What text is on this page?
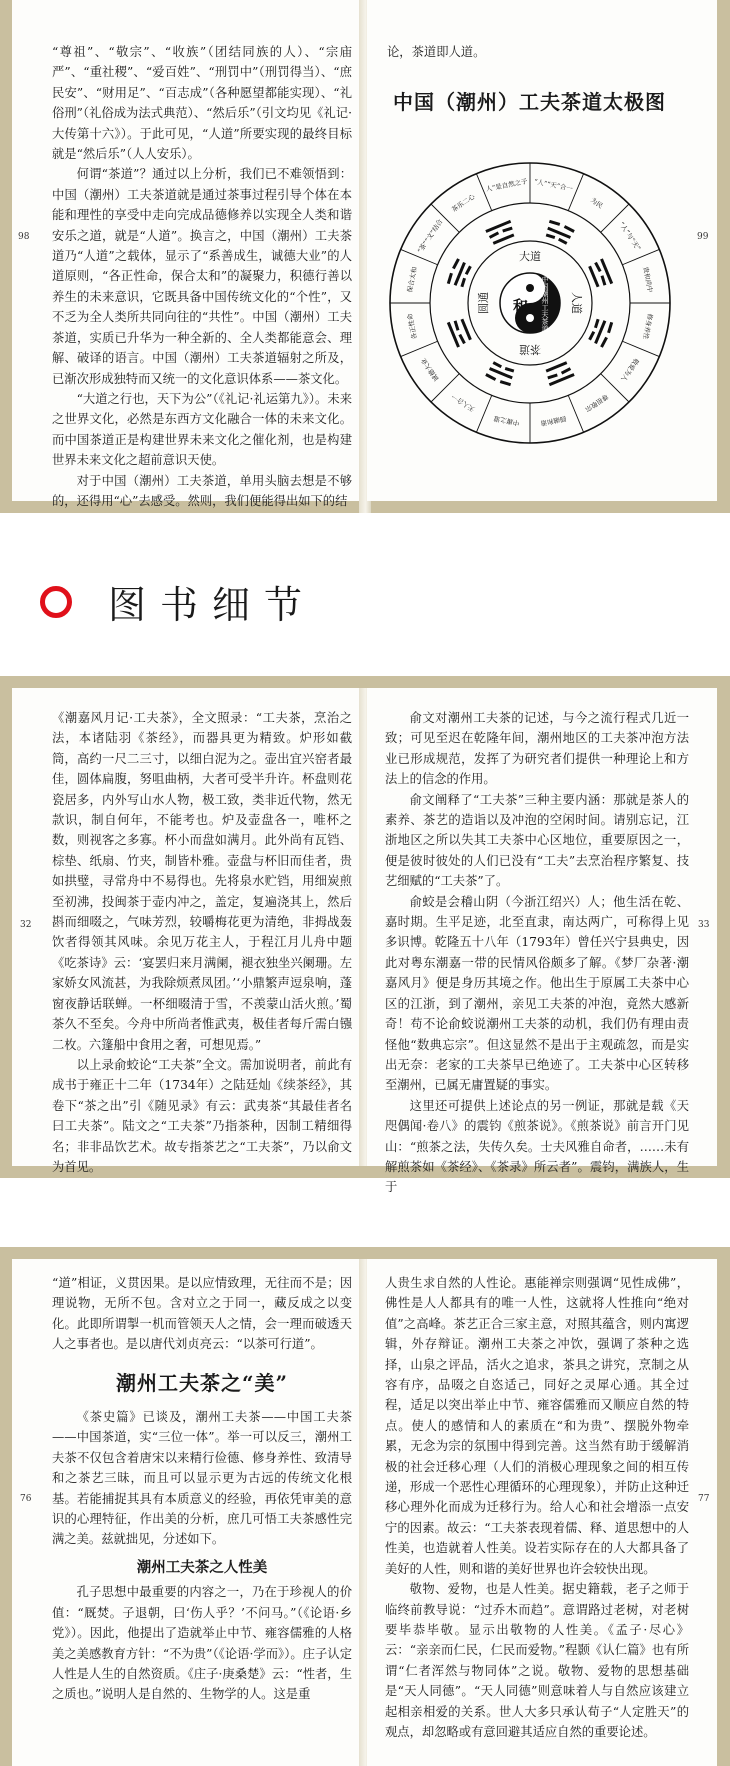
“尊祖”、“敬宗”、“收族”（团结同族的人）、“宗庙严”、“重社稷”、“爱百姓”、“刑罚中”（刑罚得当）、“庶民安”、“财用足”、“百志成”（各种愿望都能实现）、“礼俗刑”（礼俗成为法式典范）、“然后乐”（引文均见《礼记·大传第十六》）。于此可见，“人道”所要实现的最终目标就是“然后乐”（人人安乐）。

何谓“茶道”？通过以上分析，我们已不难领悟到：中国（潮州）工夫茶道就是通过茶事过程引导个体在本能和理性的享受中走向完成品德修养以实现全人类和谐安乐之道，就是“人道”。换言之，中国（潮州）工夫茶道乃“人道”之载体，显示了“系善成生，诚德大业”的人道原则，“各正性命，保合太和”的凝聚力，积德行善以养生的未来意识，它既具备中国传统文化的“个性”，又不乏为全人类所共同向往的“共性”。中国（潮州）工夫茶道，实质已升华为一种全新的、全人类都能意会、理解、破译的语言。中国（潮州）工夫茶道辐射之所及，已渐次形成独特而又统一的文化意识体系——茶文化。

“大道之行也，天下为公”（《礼记·礼运第九》）。未来之世界文化，必然是东西方文化融合一体的未来文化。而中国茶道正是构建世界未来文化之催化剂，也是构建世界未来文化之超前意识天使。

对于中国（潮州）工夫茶道，单用头脑去想是不够的，还得用“心”去感受。然则，我们便能得出如下的结

98

论，茶道即人道。

中国（潮州）工夫茶道太极图
修身养性
敬爱为人
尊祖敬宗
圆融和谐
中庸之道
天人合一
诚德大业
各正性命
保合太和
“茶”“文”结合
茶乐二心
人”是自然之子 “人”“天”合一
为民
“人”与“天”
贵和尚中
大道
人道
茶道
圆通 和 中国潮州工夫茶道
99
图书细节

《潮嘉风月记·工夫茶》，全文照录：“工夫茶，烹治之法，本诸陆羽《茶经》，而器具更为精致。炉形如截筒，高约一尺二三寸，以细白泥为之。壶出宜兴窑者最佳，圆体扁腹，努咀曲柄，大者可受半升许。杯盘则花瓷居多，内外写山水人物，极工致，类非近代物，然无款识，制自何年，不能考也。炉及壶盘各一，唯杯之数，则视客之多寡。杯小而盘如满月。此外尚有瓦铛、棕垫、纸扇、竹夹，制皆朴雅。壶盘与杯旧而佳者，贵如拱璧，寻常舟中不易得也。先将泉水贮铛，用细炭煎至初沸，投闽茶于壶内冲之，盖定，复遍浇其上，然后斟而细啜之，气味芳烈，较嚼梅花更为清绝，非拇战轰饮者得领其风味。余见万花主人，于程江月儿舟中题《吃茶诗》云：‘宴罢归来月满阑，褪衣独坐兴阑珊。左家娇女风流甚，为我除烦煮凤团。’‘小鼎繁声逗泉响，蓬窗夜静话联蝉。一杯细啜清于雪，不羡蒙山活火煎。’蜀茶久不至矣。今舟中所尚者惟武夷，极佳者每斤需白镪二枚。六篷船中食用之奢，可想见焉。”

以上录俞蛟论“工夫茶”全文。需加说明者，前此有成书于雍正十二年（1734年）之陆廷灿《续茶经》，其卷下“茶之出”引《随见录》有云：武夷茶“其最佳者名曰工夫茶”。陆文之“工夫茶”乃指茶种，因制工精细得名；非非品饮艺术。故专指茶艺之“工夫茶”，乃以俞文为首见。

32

俞文对潮州工夫茶的记述，与今之流行程式几近一致；可见至迟在乾隆年间，潮州地区的工夫茶冲泡方法业已形成规范，发挥了为研究者们提供一种理论上和方法上的信念的作用。

俞文阐释了“工夫茶”三种主要内涵：那就是茶人的素养、茶艺的造诣以及冲泡的空闲时间。请别忘记，江浙地区之所以失其工夫茶中心区地位，重要原因之一，便是彼时彼处的人们已没有“工夫”去烹治程序繁复、技艺细赋的“工夫茶”了。

俞蛟是会稽山阴（今浙江绍兴）人；他生活在乾、嘉时期。生平足迹，北至直隶，南达两广，可称得上见多识博。乾隆五十八年（1793年）曾任兴宁县典史，因此对粤东潮嘉一带的民情风俗颇多了解。《梦厂杂著·潮嘉风月》便是身历其境之作。他出生于原属工夫茶中心区的江浙，到了潮州，亲见工夫茶的冲泡，竟然大感新奇！苟不论俞蛟说潮州工夫茶的动机，我们仍有理由责怪他“数典忘宗”。但这显然不是出于主观疏忽，而是实出无奈：老家的工夫茶早已绝迹了。工夫茶中心区转移至潮州，已属无庸置疑的事实。

这里还可提供上述论点的另一例证，那就是载《天咫偶闻·卷八》的震钧《煎茶说》。《煎茶说》前言开门见山：“煎茶之法，失传久矣。士夫风雅自命者，……未有解煎茶如《茶经》、《茶录》所云者”。震钧，满族人，生于

33

“道”相证，义贯因果。是以应情致理，无往而不是；因理说物，无所不包。含对立之于同一，藏反成之以变化。此即所谓掣一机而管领天人之情，会一理而破透天人之事者也。是以唐代刘贞亮云：“以茶可行道”。

潮州工夫茶之“美”

《茶史篇》已谈及，潮州工夫茶——中国工夫茶——中国茶道，实“三位一体”。举一可以反三，潮州工夫茶不仅包含着唐宋以来精行俭德、修身养性、致清导和之茶艺三昧，而且可以显示更为古远的传统文化根基。若能捕捉其具有本质意义的经验，再依凭审美的意识的心理特征，作出美的分析，庶几可悟工夫茶感性完满之美。兹就拙见，分述如下。

潮州工夫茶之人性美

孔子思想中最重要的内容之一，乃在于珍视人的价值：“厩焚。子退朝，曰‘伤人乎？’不问马。”（《论语·乡党》）。因此，他提出了造就举止中节、雍容儒雅的人格美之美感教育方针：“不为贵”（《论语·学而》）。庄子认定人性是人生的自然资质。《庄子·庚桑楚》云：“性者，生之质也。”说明人是自然的、生物学的人。这是重

76

人贵生求自然的人性论。惠能禅宗则强调“见性成佛”，佛性是人人都具有的唯一人性，这就将人性推向“绝对值”之高峰。茶艺正合三家主意，对照其蕴含，则内寓逻辑，外存辩证。潮州工夫茶之冲饮，强调了茶种之选择，山泉之评品，活火之追求，茶具之讲究，烹制之从容有序，品啜之自恣适己，同好之灵犀心通。其全过程，适足以突出举止中节、雍容儒雅而又顺应自然的特点。使人的感情和人的素质在“和为贵”、摆脱外物牵累，无念为宗的氛围中得到完善。这当然有助于缓解消极的社会迁移心理（人们的消极心理现象之间的相互传递，形成一个恶性心理循环的心理现象），并防止这种迁移心理外化而成为迁移行为。给人心和社会增添一点安宁的因素。故云：“工夫茶表现着儒、释、道思想中的人性美，也造就着人性美。设若实际存在的人大都具备了美好的人性，则和谐的美好世界也许会较快出现。

敬物、爱物，也是人性美。据史籍载，老子之师于临终前教导说：“过乔木而趋”。意谓路过老树，对老树要毕恭毕敬。显示出敬物的人性美。《孟子·尽心》云：“亲亲而仁民，仁民而爱物。”程颢《认仁篇》也有所谓“仁者浑然与物同体”之说。敬物、爱物的思想基础是“天人同德”。“天人同德”则意味着人与自然应该建立起相亲相爱的关系。世人大多只承认荀子“人定胜天”的观点，却忽略或有意回避其适应自然的重要论述。

77
